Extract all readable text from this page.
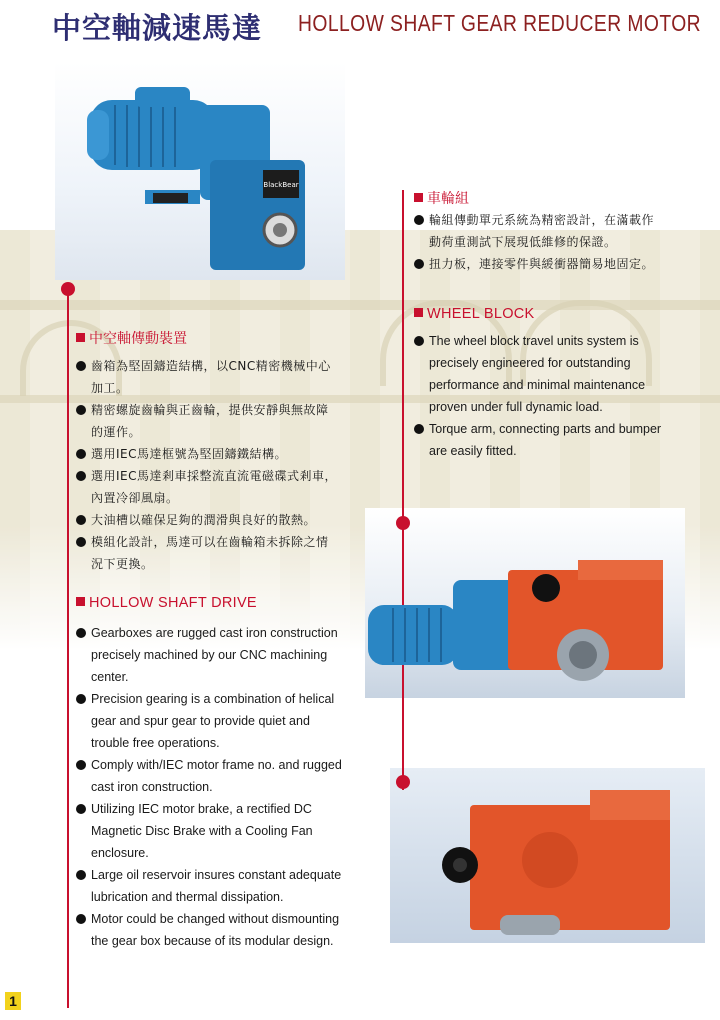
中空軸減速馬達 HOLLOW SHAFT GEAR REDUCER MOTOR
BlackBear
車輪組
輪組傳動單元系統為精密設計，在滿載作
動荷重測試下展現低維修的保證。
扭力板，連接零件與緩衝器簡易地固定。
WHEEL BLOCK
The wheel block travel units system is
precisely engineered for outstanding
performance and minimal maintenance
proven under full dynamic load.
Torque arm, connecting parts and bumper
are easily fitted.
中空軸傳動裝置
齒箱為堅固鑄造結構，以CNC精密機械中心
加工。
精密螺旋齒輪與正齒輪，提供安靜與無故障
的運作。
選用IEC馬達框號為堅固鑄鐵結構。
選用IEC馬達剎車採整流直流電磁碟式剎車，
內置冷卻風扇。
大油槽以確保足夠的潤滑與良好的散熱。
模組化設計，馬達可以在齒輪箱未拆除之情
況下更換。
HOLLOW SHAFT DRIVE
Gearboxes are rugged cast iron construction
precisely machined by our CNC machining
center.
Precision gearing is a combination of helical
gear and spur gear to provide quiet and
trouble free operations.
Comply with/IEC motor frame no. and rugged
cast iron construction.
Utilizing IEC motor brake, a rectified DC
Magnetic Disc Brake with a Cooling Fan
enclosure.
Large oil reservoir insures constant adequate
lubrication and thermal dissipation.
Motor could be changed without dismounting
the gear box because of its modular design.
1
